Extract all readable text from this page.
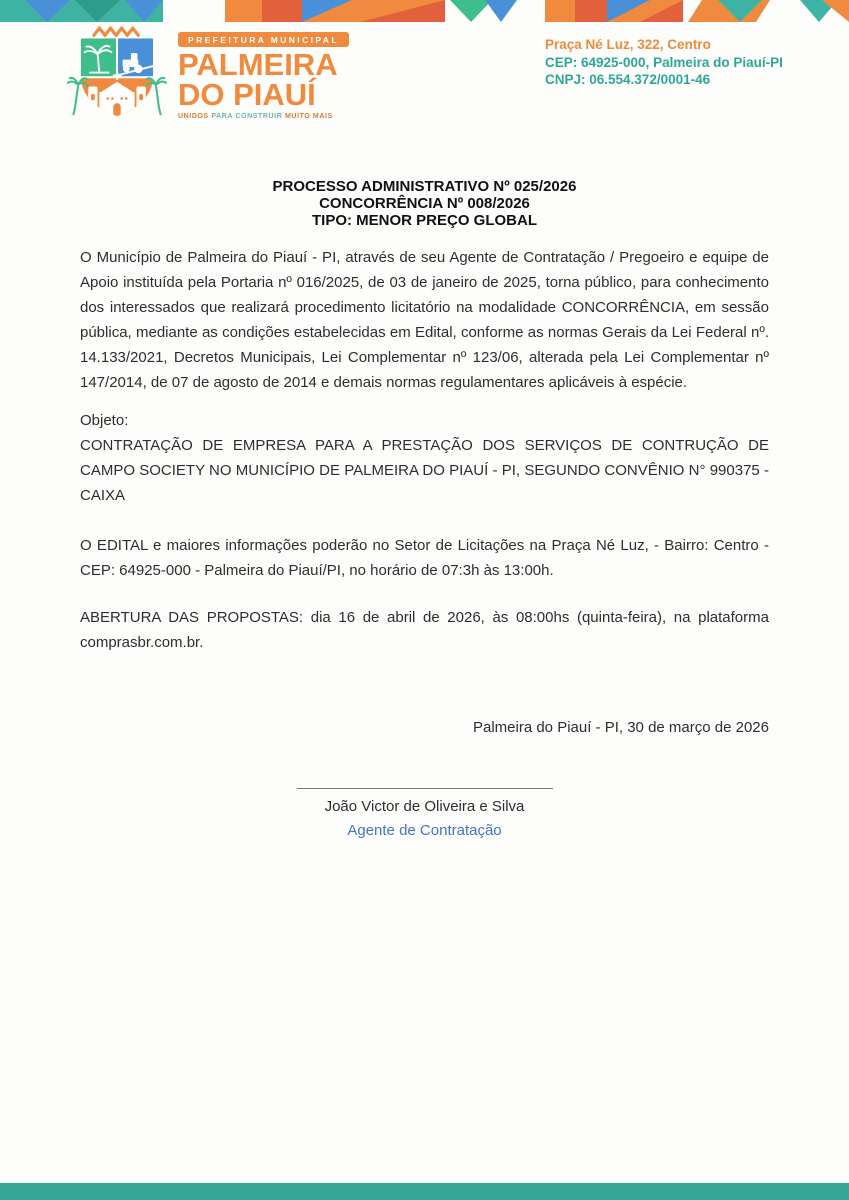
PREFEITURA MUNICIPAL
PALMEIRA
DO PIAUÍ
UNIDOS PARA CONSTRUIR MUITO MAIS
Praça Né Luz, 322, Centro
CEP: 64925-000, Palmeira do Piauí-PI
CNPJ: 06.554.372/0001-46
PROCESSO ADMINISTRATIVO Nº 025/2026
CONCORRÊNCIA Nº 008/2026
TIPO: MENOR PREÇO GLOBAL

O Município de Palmeira do Piauí - PI, através de seu Agente de Contratação / Pregoeiro e equipe de Apoio instituída pela Portaria nº 016/2025, de 03 de janeiro de 2025, torna público, para conhecimento dos interessados que realizará procedimento licitatório na modalidade CONCORRÊNCIA, em sessão pública, mediante as condições estabelecidas em Edital, conforme as normas Gerais da Lei Federal nº. 14.133/2021, Decretos Municipais, Lei Complementar nº 123/06, alterada pela Lei Complementar nº 147/2014, de 07 de agosto de 2014 e demais normas regulamentares aplicáveis à espécie.

Objeto:
CONTRATAÇÃO DE EMPRESA PARA A PRESTAÇÃO DOS SERVIÇOS DE CONTRUÇÃO DE CAMPO SOCIETY NO MUNICÍPIO DE PALMEIRA DO PIAUÍ - PI, SEGUNDO CONVÊNIO N° 990375 - CAIXA

O EDITAL e maiores informações poderão no Setor de Licitações na Praça Né Luz, - Bairro: Centro - CEP: 64925-000 - Palmeira do Piauí/PI, no horário de 07:3h às 13:00h.

ABERTURA DAS PROPOSTAS: dia 16 de abril de 2026, às 08:00hs (quinta-feira), na plataforma comprasbr.com.br.

Palmeira do Piauí - PI, 30 de março de 2026
João Victor de Oliveira e Silva
Agente de Contratação
